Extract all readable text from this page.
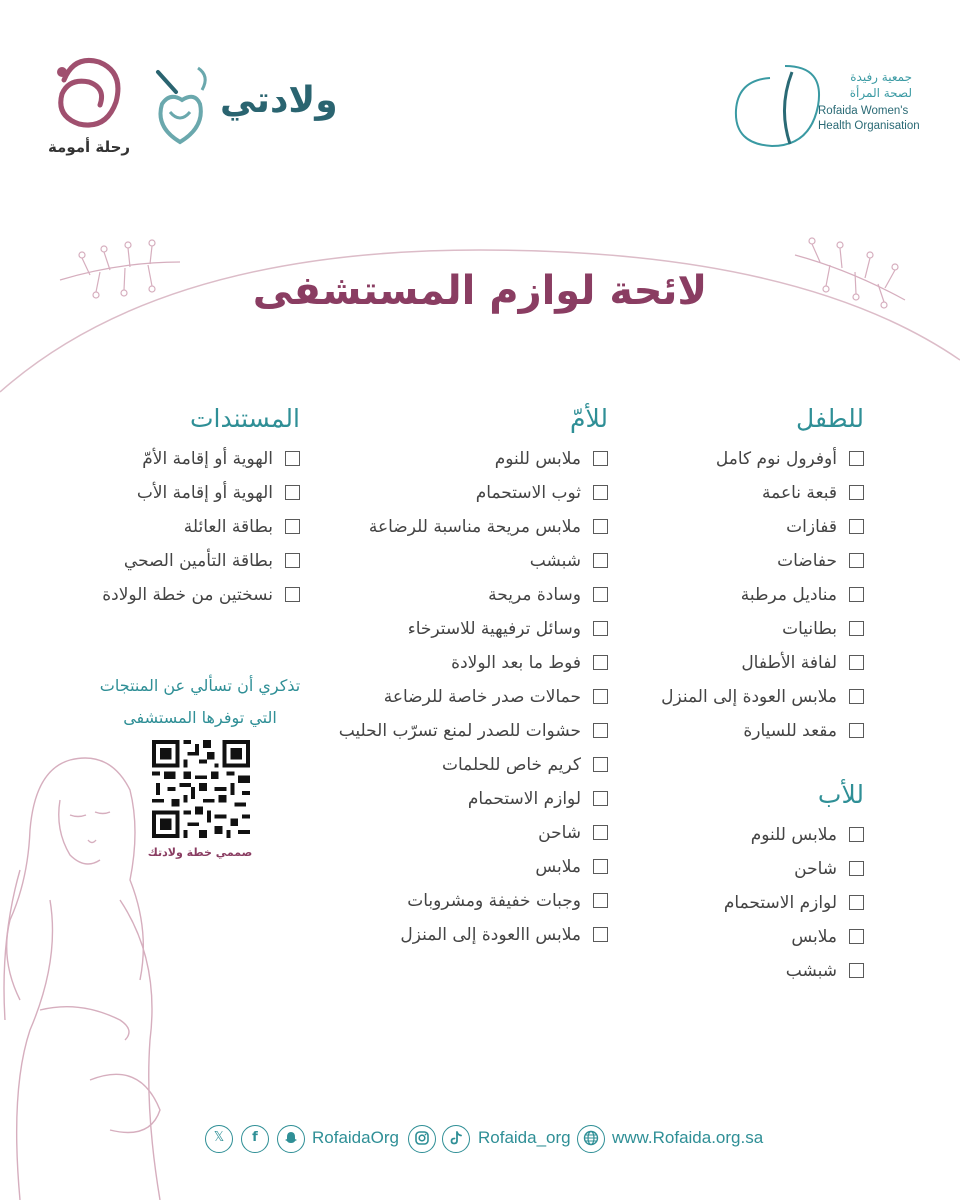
رحلة أمومة
ولادتي
جمعية رفيدة
لصحة المرأة
Rofaida Women's
Health Organisation
لائحة لوازم المستشفى
للطفل
أوفرول نوم كامل
قبعة ناعمة
قفازات
حفاضات
مناديل مرطبة
بطانيات
لفافة الأطفال
ملابس العودة إلى المنزل
مقعد للسيارة
للأب
ملابس للنوم
شاحن
لوازم الاستحمام
ملابس
شبشب
للأمّ
ملابس للنوم
ثوب الاستحمام
ملابس مريحة مناسبة للرضاعة
شبشب
وسادة مريحة
وسائل ترفيهية للاسترخاء
فوط ما بعد الولادة
حمالات صدر خاصة للرضاعة
حشوات للصدر لمنع تسرّب الحليب
كريم خاص للحلمات
لوازم الاستحمام
شاحن
ملابس
وجبات خفيفة ومشروبات
ملابس االعودة إلى المنزل
المستندات
الهوية أو إقامة الأمّ
الهوية أو إقامة الأب
بطاقة العائلة
بطاقة التأمين الصحي
نسختين من خطة الولادة
تذكري أن تسألي عن المنتجات
التي توفرها المستشفى
صممي خطة ولادتك
𝕏	f	RofaidaOrg	Rofaida_org www.Rofaida.org.sa
